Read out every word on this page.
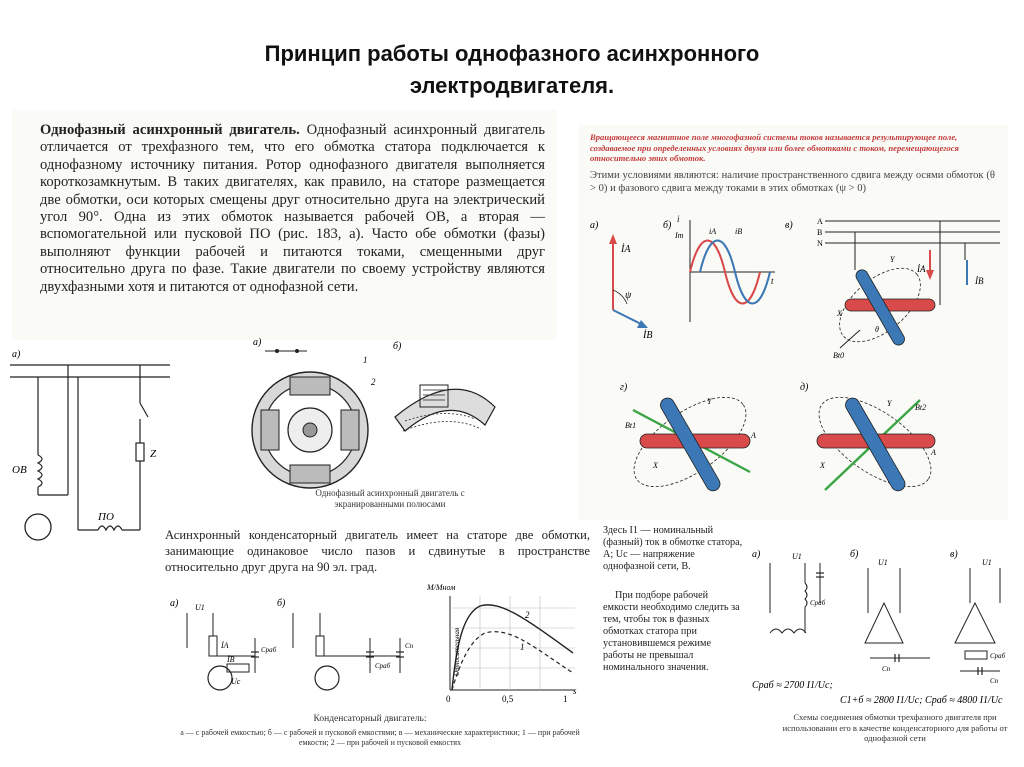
Принцип работы однофазного асинхронного
электродвигателя.
Однофазный асинхронный двигатель. Однофазный асинхронный двигатель отличается от трехфазного тем, что его обмотка статора подключается к однофазному источнику питания. Ротор однофазного двигателя выполняется короткозамкнутым. В таких двигателях, как правило, на статоре размещается две обмотки, оси которых смещены друг относительно друга на электрический угол 90°. Одна из этих обмоток называется рабочей ОВ, а вторая — вспомогательной или пусковой ПО (рис. 183, а). Часто обе обмотки (фазы) выполняют функции рабочей и питаются токами, смещенными друг относительно друга по фазе. Такие двигатели по своему устройству являются двухфазными хотя и питаются от однофазной сети.
а)
ОВ
Z
ПО
а)	б)
1
2
Однофазный асинхронный двигатель с экранированными полюсами
Вращающееся магнитное поле многофазной системы токов называется результирующее поле, создаваемое при определенных условиях двумя или более обмотками с током, перемещающегося относительно этих обмоток.
Этими условиями являются: наличие пространственного сдвига между осями обмоток (θ > 0) и фазового сдвига между токами в этих обмотках (ψ > 0)
а)
İA
İB
ψ
б)
i
Im
t
iA iB
в)	A
B
N
İA
İB
X
Y
θ
Bt0
г)
Bt1
A
X
Y
д)
Bt2
A
X
Y
Асинхронный конденсаторный двигатель имеет на статоре две обмотки, занимающие одинаковое число пазов и сдвинутые в пространстве относительно друг друга на 90 эл. град.
а) U1
İA	Cраб
İB
Uc
б)
Cраб
Cп
M/Mном
2
1
0	0,5	1
s
Относительная
Конденсаторный двигатель:
а — с рабочей емкостью; б — с рабочей и пусковой емкостями; в — механические характеристики; 1 — при рабочей емкости; 2 — при рабочей и пусковой емкостях
Здесь I1 — номинальный (фазный) ток в обмотке статора, A; Uc — напряжение однофазной сети, В.
При подборе рабочей емкости необходимо следить за тем, чтобы ток в фазных обмотках статора при установившемся режиме работы не превышал номинального значения.
а)	б)	в)
U1
Cраб
U1
Cп
U1
Cраб
Cп
Cраб ≈ 2700 I1/Uc;
C1+б ≈ 2800 I1/Uc; Cраб ≈ 4800 I1/Uc
Схемы соединения обмотки трехфазного двигателя при использовании его в качестве конденсаторного для работы от однофазной сети
